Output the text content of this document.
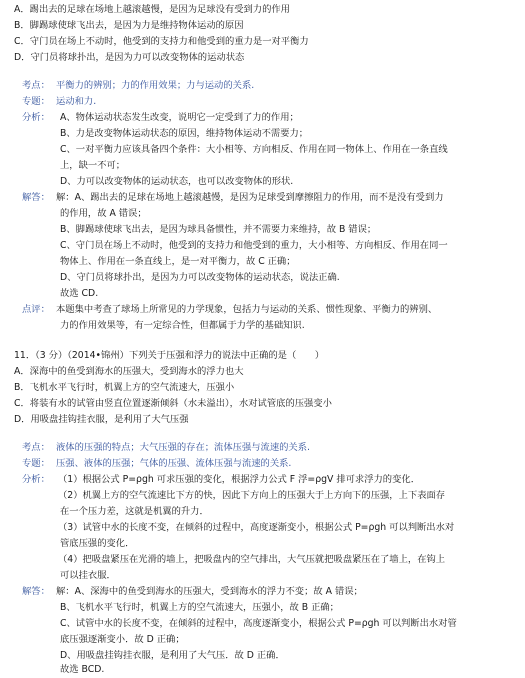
A．踢出去的足球在场地上越滚越慢，是因为足球没有受到力的作用
B．脚踢球使球飞出去，是因为力是维持物体运动的原因
C．守门员在场上不动时，他受到的支持力和他受到的重力是一对平衡力
D．守门员将球扑出，是因为力可以改变物体的运动状态
考点： 平衡力的辨别；力的作用效果；力与运动的关系.
专题： 运动和力.
分析： A、物体运动状态发生改变，说明它一定受到了力的作用；
B、力是改变物体运动状态的原因，维持物体运动不需要力；
C、一对平衡力应该具备四个条件：大小相等、方向相反、作用在同一物体上、作用在一条直线
上，缺一不可；
D、力可以改变物体的运动状态，也可以改变物体的形状.
解答： 解：A、踢出去的足球在场地上越滚越慢，是因为足球受到摩擦阻力的作用，而不是没有受到力
的作用，故 A 错误；
B、脚踢球使球飞出去，是因为球具备惯性，并不需要力来维持，故 B 错误；
C、守门员在场上不动时，他受到的支持力和他受到的重力，大小相等、方向相反、作用在同一
物体上、作用在一条直线上，是一对平衡力，故 C 正确；
D、守门员将球扑出，是因为力可以改变物体的运动状态，说法正确.
故选 CD.
点评： 本题集中考查了球场上所常见的力学现象，包括力与运动的关系、惯性现象、平衡力的辨别、
力的作用效果等，有一定综合性，但都属于力学的基础知识.
11．（3 分）（2014•锦州）下列关于压强和浮力的说法中正确的是（　　）
A．深海中的鱼受到海水的压强大，受到海水的浮力也大
B．飞机水平飞行时，机翼上方的空气流速大，压强小
C．将装有水的试管由竖直位置逐渐倾斜（水未溢出），水对试管底的压强变小
D．用吸盘挂钩挂衣服，是利用了大气压强
考点： 液体的压强的特点；大气压强的存在；流体压强与流速的关系.
专题： 压强、液体的压强；气体的压强、流体压强与流速的关系.
分析： （1）根据公式 P=ρgh 可求压强的变化，根据浮力公式 F 浮=ρgV 排可求浮力的变化．
（2）机翼上方的空气流速比下方的快，因此下方向上的压强大于上方向下的压强，上下表面存
在一个压力差，这就是机翼的升力．
（3）试管中水的长度不变，在倾斜的过程中，高度逐渐变小，根据公式 P=ρgh 可以判断出水对
管底压强的变化．
（4）把吸盘紧压在光滑的墙上，把吸盘内的空气排出，大气压就把吸盘紧压在了墙上，在钩上
可以挂衣服．
解答： 解：A、深海中的鱼受到海水的压强大，受到海水的浮力不变；故 A 错误；
B、飞机水平飞行时，机翼上方的空气流速大，压强小，故 B 正确；
C、试管中水的长度不变，在倾斜的过程中，高度逐渐变小，根据公式 P=ρgh 可以判断出水对管
底压强逐渐变小．故 D 正确；
D、用吸盘挂钩挂衣服，是利用了大气压．故 D 正确．
故选 BCD.
